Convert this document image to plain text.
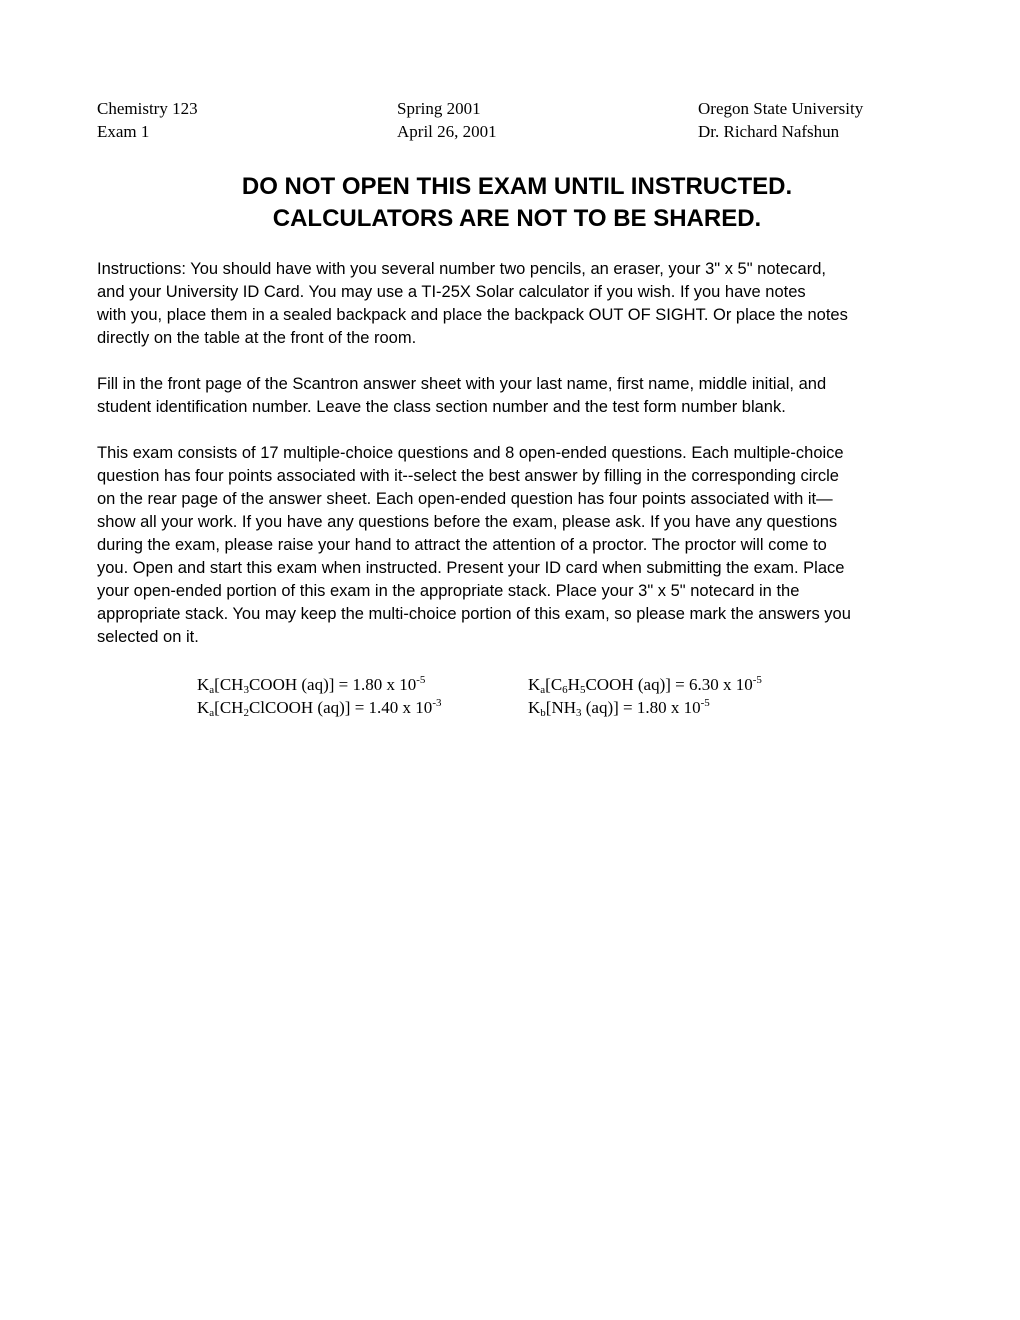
Chemistry 123	Spring 2001	Oregon State University
Exam 1	April 26, 2001	Dr. Richard Nafshun
DO NOT OPEN THIS EXAM UNTIL INSTRUCTED.
CALCULATORS ARE NOT TO BE SHARED.
Instructions: You should have with you several number two pencils, an eraser, your 3" x 5" notecard,
and your University ID Card. You may use a TI-25X Solar calculator if you wish. If you have notes
with you, place them in a sealed backpack and place the backpack OUT OF SIGHT. Or place the notes
directly on the table at the front of the room.
Fill in the front page of the Scantron answer sheet with your last name, first name, middle initial, and
student identification number. Leave the class section number and the test form number blank.
This exam consists of 17 multiple-choice questions and 8 open-ended questions. Each multiple-choice
question has four points associated with it--select the best answer by filling in the corresponding circle
on the rear page of the answer sheet. Each open-ended question has four points associated with it—
show all your work. If you have any questions before the exam, please ask. If you have any questions
during the exam, please raise your hand to attract the attention of a proctor. The proctor will come to
you. Open and start this exam when instructed. Present your ID card when submitting the exam. Place
your open-ended portion of this exam in the appropriate stack. Place your 3" x 5" notecard in the
appropriate stack. You may keep the multi-choice portion of this exam, so please mark the answers you
selected on it.
$K_a[CH_3COOH$ (aq)] = 1.80 x $10^{-5}$	$K_a[C_6H_5COOH$ (aq)] = 6.30 x $10^{-5}$
$K_a[CH_2ClCOOH$ (aq)] = 1.40 x $10^{-3}$	$K_b[NH_3$ (aq)] = 1.80 x $10^{-5}$
